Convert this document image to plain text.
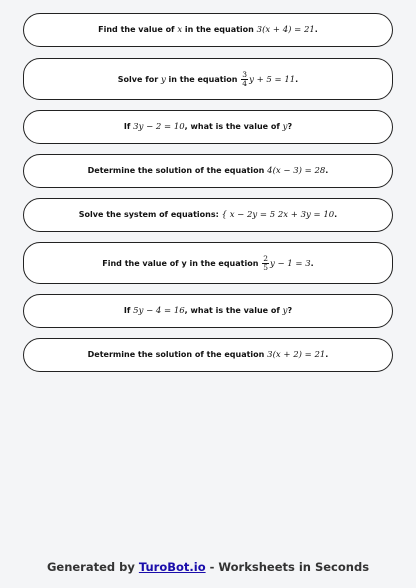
Find the value of x in the equation 3(x + 4) = 21.
Solve for y in the equation $\frac{3}{4}$ y + 5 = 11.
If 3y − 2 = 10, what is the value of y?
Determine the solution of the equation 4(x − 3) = 28.
Solve the system of equations: { x − 2y = 5 2x + 3y = 10.
Find the value of y in the equation $\frac{2}{5}$ y − 1 = 3.
If 5y − 4 = 16, what is the value of y?
Determine the solution of the equation 3(x + 2) = 21.
Generated by TuroBot.io - Worksheets in Seconds
